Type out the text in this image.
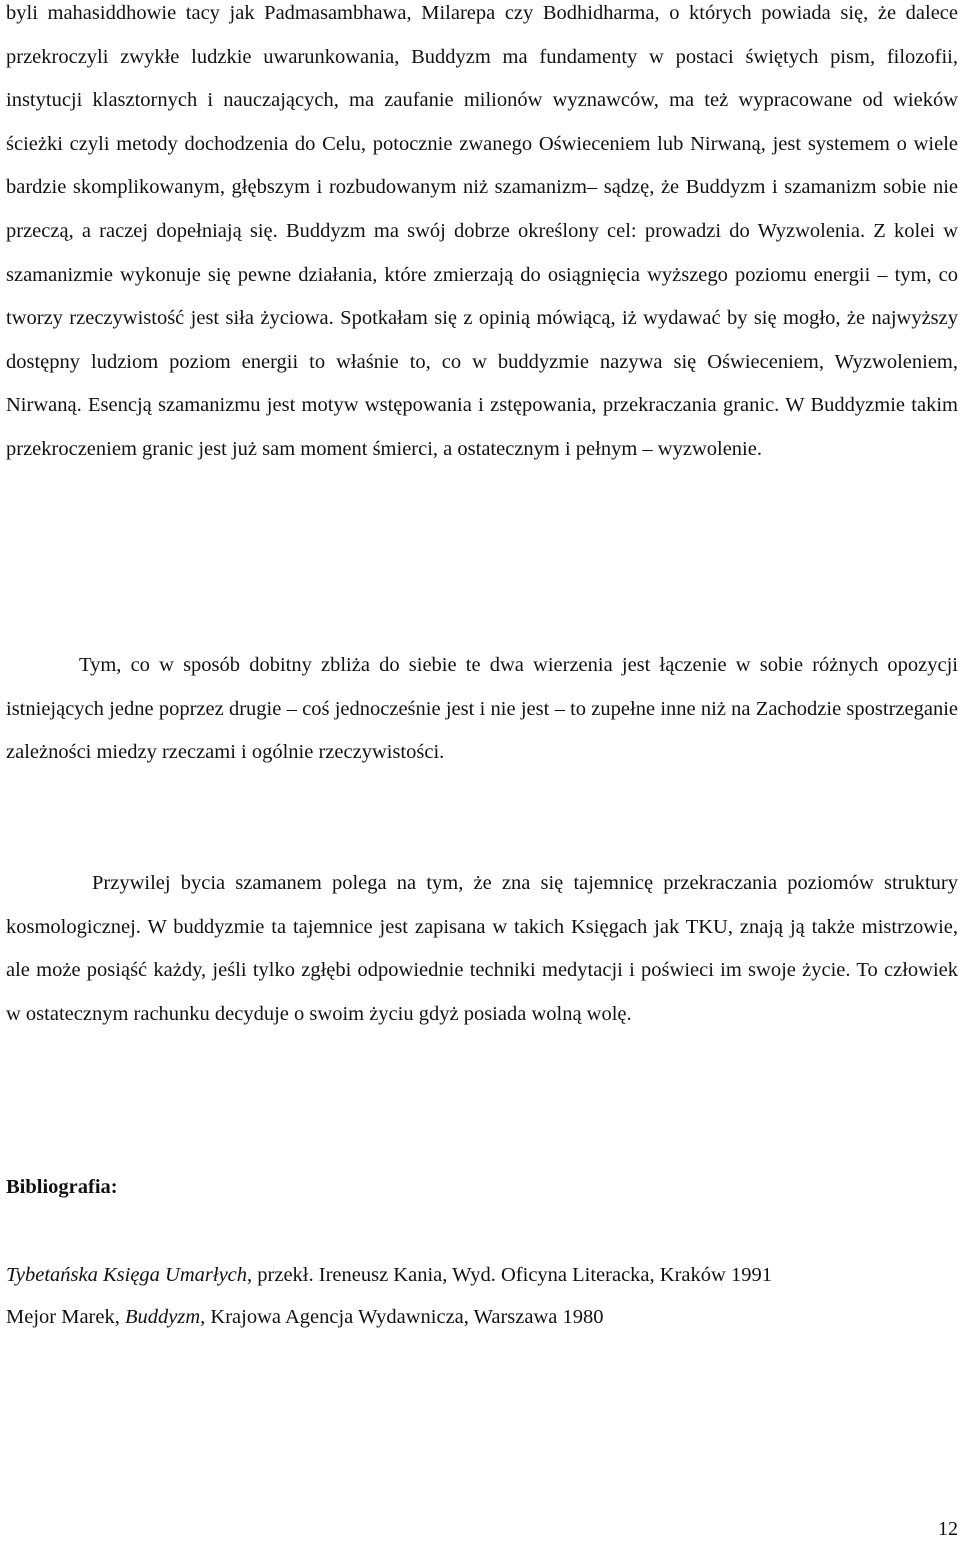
byli mahasiddhowie tacy jak Padmasambhawa, Milarepa czy Bodhidharma, o których powiada się, że dalece przekroczyli zwykłe ludzkie uwarunkowania, Buddyzm ma fundamenty w postaci świętych pism, filozofii, instytucji klasztornych i nauczających, ma zaufanie milionów wyznawców, ma też wypracowane od wieków ścieżki czyli metody dochodzenia do Celu, potocznie zwanego Oświeceniem lub Nirwaną, jest systemem o wiele bardzie skomplikowanym, głębszym i rozbudowanym niż szamanizm– sądzę, że Buddyzm i szamanizm sobie nie przeczą, a raczej dopełniają się. Buddyzm ma swój dobrze określony cel: prowadzi do Wyzwolenia. Z kolei w szamanizmie wykonuje się pewne działania, które zmierzają do osiągnięcia wyższego poziomu energii – tym, co tworzy rzeczywistość jest siła życiowa. Spotkałam się z opinią mówiącą, iż wydawać by się mogło, że najwyższy dostępny ludziom poziom energii to właśnie to, co w buddyzmie nazywa się Oświeceniem, Wyzwoleniem, Nirwaną. Esencją szamanizmu jest motyw wstępowania i zstępowania, przekraczania granic. W Buddyzmie takim przekroczeniem granic jest już sam moment śmierci, a ostatecznym i pełnym – wyzwolenie.

Tym, co w sposób dobitny zbliża do siebie te dwa wierzenia jest łączenie w sobie różnych opozycji istniejących jedne poprzez drugie – coś jednocześnie jest i nie jest – to zupełne inne niż na Zachodzie spostrzeganie zależności miedzy rzeczami i ogólnie rzeczywistości.

Przywilej bycia szamanem polega na tym, że zna się tajemnicę przekraczania poziomów struktury kosmologicznej. W buddyzmie ta tajemnice jest zapisana w takich Księgach jak TKU, znają ją także mistrzowie, ale może posiąść każdy, jeśli tylko zgłębi odpowiednie techniki medytacji i poświeci im swoje życie. To człowiek w ostatecznym rachunku decyduje o swoim życiu gdyż posiada wolną wolę.

Bibliografia:

Tybetańska Księga Umarłych, przekł. Ireneusz Kania, Wyd. Oficyna Literacka, Kraków 1991

Mejor Marek, Buddyzm, Krajowa Agencja Wydawnicza, Warszawa 1980

12
